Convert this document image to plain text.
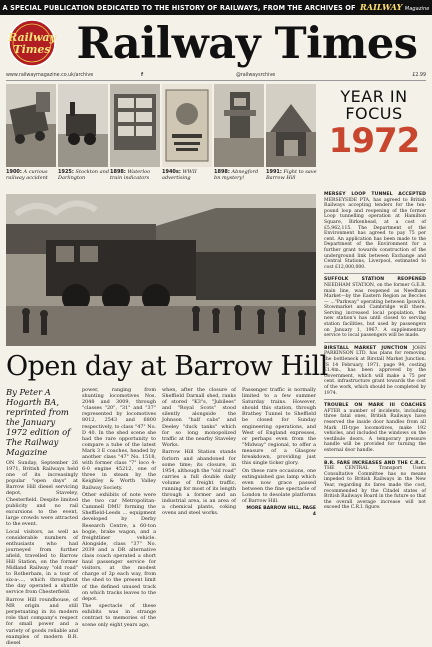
A SPECIAL PUBLICATION DEDICATED TO THE HISTORY OF RAILWAYS, FROM THE ARCHIVES OF RAILWAY Magazine
Railway
Times Railway Times
www.railwaymagazine.co.uk/archive	f	@railwaysrchive	£2.99
1900: A curious railway accident
1925: Stockton and Darlington
1898: Waterloo train indicators
1940s: WWII advertising
1898: Abnegford bn mystery!
1991: Fight to save Barrow Hill
YEAR IN
FOCUS
1972
Open day at Barrow Hill
By Peter A Hogarth BA, reprinted from the January 1972 edition of The Railway Magazine

ON Sunday, September 26 1971, British Railways held one of its increasingly popular "open days" at Barrow Hill diesel servicing depot, Staveley, Chesterfield. Despite limited publicity and no rail excursions to the event, large crowds were attracted to the event.

Local visitors, as well as considerable numbers of enthusiasts who had journeyed from further afield, travelled to Barrow Hill Station, on the former Midland Railway "old road" to Rotherham, in a tour of six-a-..., which throughout the day operated a shuttle service from Chesterfield.

Barrow Hill roundhouse, of MR origin and still perpetuating in its modern role that company's respect for small power and a variety of goods reliable and examples of modern B.R. diesel

power, ranging from shunting locomotives Nos. 2048 and 3009, through "classes "20", "31" and "37" represented by locomotives 8012, 2543 and 6800 respectively, to class "47" No. D 40. In the shed scene she had the rare opportunity to compare a tube of the latest Mark 3 E coaches, headed by another class "47" No. 1518, with former class "7" loco 4-6-0 engine 45212, one of three in steam by the Keighley & Worth Valley Railway Society.

Other exhibits of note were the two car Metropolitan-Cammell DMU forming the Sheffield-Leeds ... equipment developed by Derby Research Centre, a 60-ton bogie, brake wagon, and a freightliner vehicle. Alongside, class "37" No. 2039 and a DR alternative class coach operated a short haul passenger service for visitors, at the modest charge of 2p each way, from the shed to the present limit of the defined unused track on which tracks leaves to the depot.

The spectacle of these exhibits was in strange contrast to memories of the scene only eight years ago,

when, after the closure of Sheffield Darnall shed, ranks of stored "K3"s, "Jubilees" and "Royal Scots" stood silently alongside the Johnson "half cabs" and Deeley "duck tanks" which for so long monopolized traffic at the nearby Staveley Works.

Barrow Hill Station stands forlorn and abandoned for some time; its closure, in 1954, although the "old road" carries a full double daily volume of freight traffic, running for most of its length through a former and an industrial area, is an area of a chemical plants, coking ovens and steel works.

Passenger traffic is normally limited to a few summer Saturday trains. However, should this station, through Brathey Tunnel to Sheffield be closed for Sunday engineering operations, and West of England expresses, or perhaps even from the "Midway" regional, to offer a measure of a Glasgow breakdown, providing just this single ticker glory.

On these rare occasions, one extinguished gas lamp which even now grace passed between the fine spectacle of London to desolate platforms of Barrow Hill.

MORE BARROW HILL, PAGE 4

MERSEY LOOP TUNNEL ACCEPTED MERSEYSIDE PTA, has agreed to British Railways accepting tenders for the ten-pound loop and reopening of the former Loop tunnelling operation at Hamilton Square, Birkenhead, at a cost of £5,962,115. The Department of the Environment has agreed to pay 75 per cent. An application has been made to the Department of the Environment for a further grant towards construction of the underground link between Exchange and Central Stations, Liverpool, estimated to cost £12,000,000.
SUFFOLK STATION REOPENED NEEDHAM STATION, on the former G.E.R. main line, was reopened as Needham Market—by the Eastern Region as Beccles— ..."Parkway" operating between Ipswich, Stowmarket and Cambridge will there. Serving increased local population, the new station's has until closed to serving station facilities, but used by passengers on January 1, 1967. A supplementary service to local passengers will be made.
BIRSTALL MARKET JUNCTION JOHN PARKINSON LTD. has plans for removing the bottleneck at Birstall Market Junction. IS 14 February, 1971, page 94, costing £1.4m., has been approved by the Government, which will make a 75 per cent. infrastructure grant towards the cost of the work, which should be completed by 1974.
TROUBLE ON MARK III COACHES AFTER a number of incidents, including three fatal ones, British Railways have reserved the inside door handles from all Mark III-type locomotives, make 192 vehicles, and included the windows on the vestibule doors. A temporary pressure handle will be provided for turning the external door handle.
B.R. FARE INCREASES AND THE C.R.C. THE CENTRAL Transport Users Consultative Committee has no means impeded to British Railways in the New Year, regarding its fares made the cost, recommended by the Citadel states of British Railways Board in the future so that the overall average increase will not exceed the C.R.I. figure.
